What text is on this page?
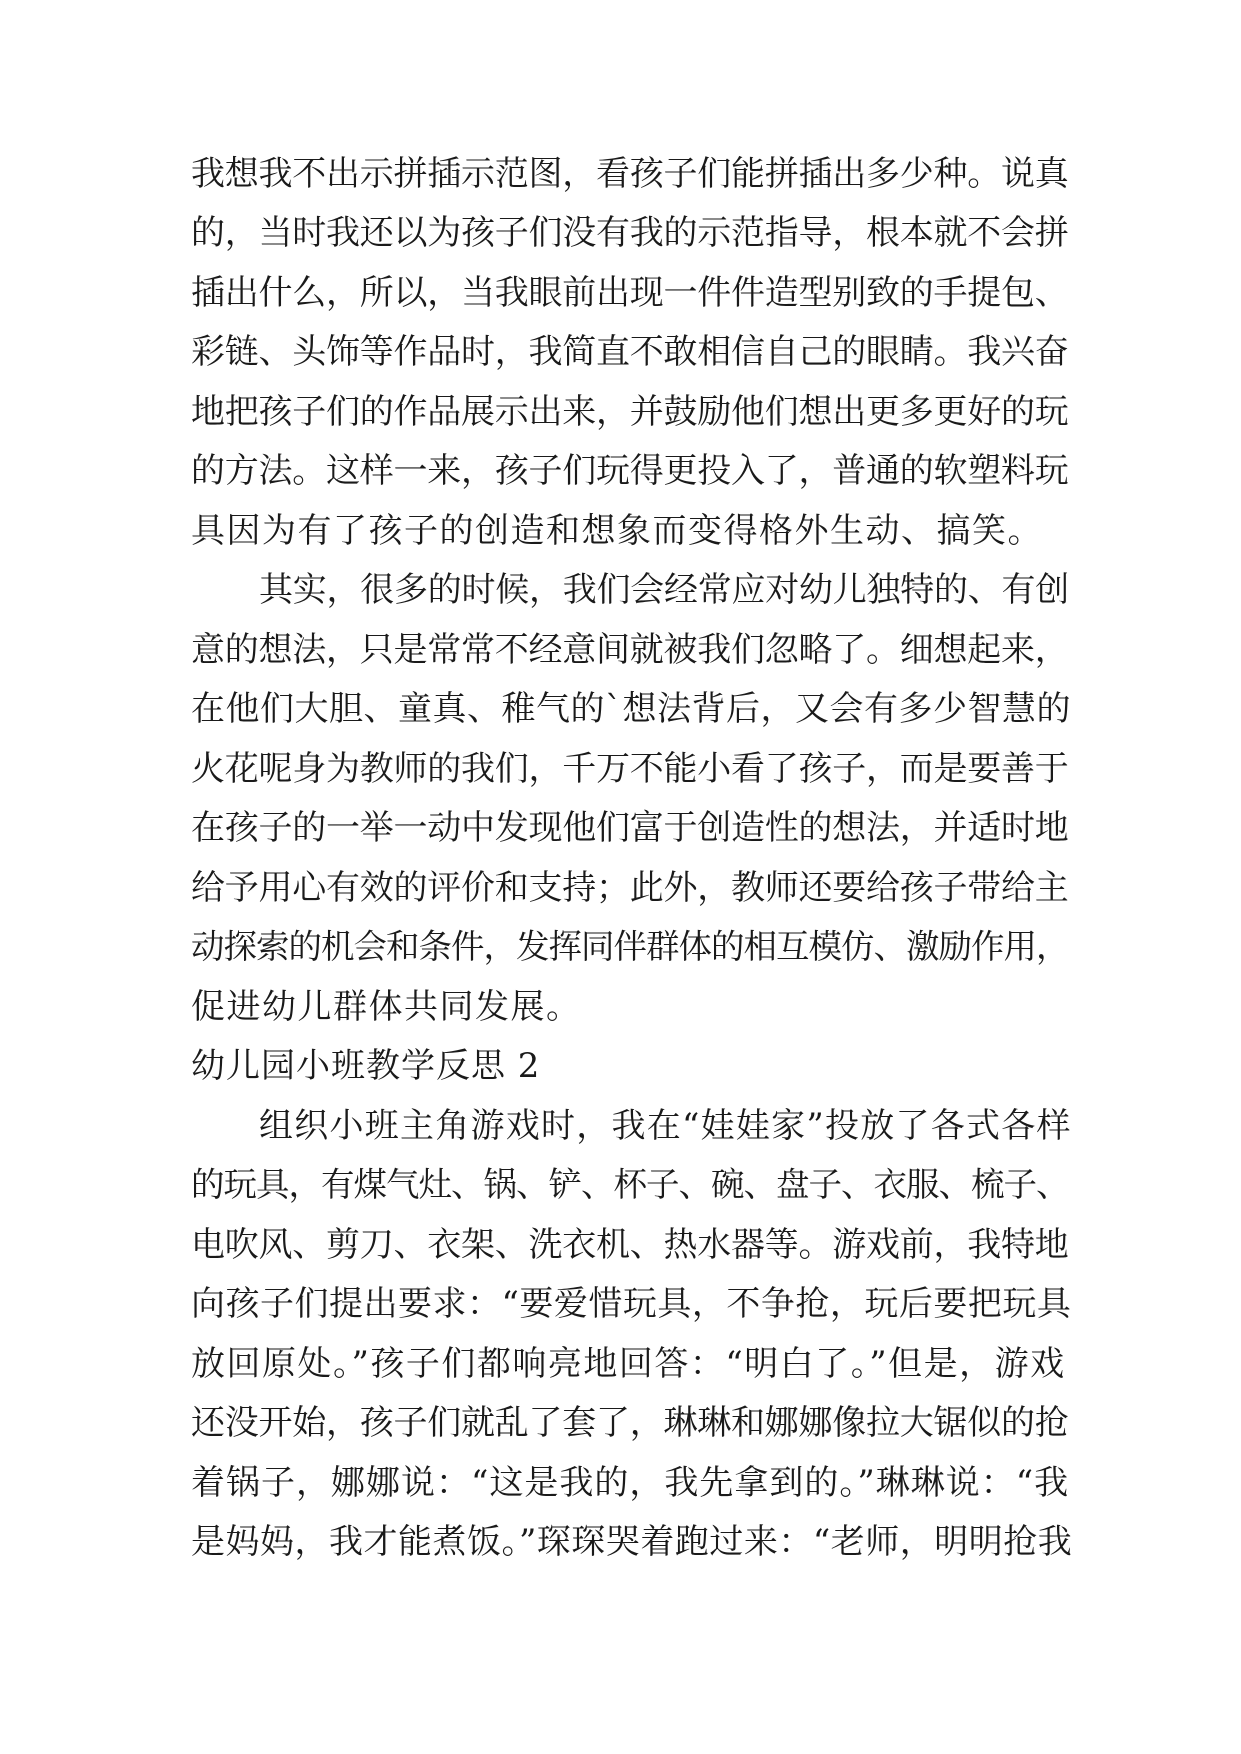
我想我不出示拼插示范图，看孩子们能拼插出多少种。说真
的，当时我还以为孩子们没有我的示范指导，根本就不会拼
插出什么，所以，当我眼前出现一件件造型别致的手提包、
彩链、头饰等作品时，我简直不敢相信自己的眼睛。我兴奋
地把孩子们的作品展示出来，并鼓励他们想出更多更好的玩
的方法。这样一来，孩子们玩得更投入了，普通的软塑料玩
具因为有了孩子的创造和想象而变得格外生动、搞笑。
其实，很多的时候，我们会经常应对幼儿独特的、有创
意的想法，只是常常不经意间就被我们忽略了。细想起来，
在他们大胆、童真、稚气的`想法背后，又会有多少智慧的
火花呢身为教师的我们，千万不能小看了孩子，而是要善于
在孩子的一举一动中发现他们富于创造性的想法，并适时地
给予用心有效的评价和支持；此外，教师还要给孩子带给主
动探索的机会和条件，发挥同伴群体的相互模仿、激励作用，
促进幼儿群体共同发展。
幼儿园小班教学反思 2
组织小班主角游戏时，我在“娃娃家”投放了各式各样
的玩具，有煤气灶、锅、铲、杯子、碗、盘子、衣服、梳子、
电吹风、剪刀、衣架、洗衣机、热水器等。游戏前，我特地
向孩子们提出要求：“要爱惜玩具，不争抢，玩后要把玩具
放回原处。”孩子们都响亮地回答：“明白了。”但是，游戏
还没开始，孩子们就乱了套了，琳琳和娜娜像拉大锯似的抢
着锅子，娜娜说：“这是我的，我先拿到的。”琳琳说：“我
是妈妈，我才能煮饭。”琛琛哭着跑过来：“老师，明明抢我
